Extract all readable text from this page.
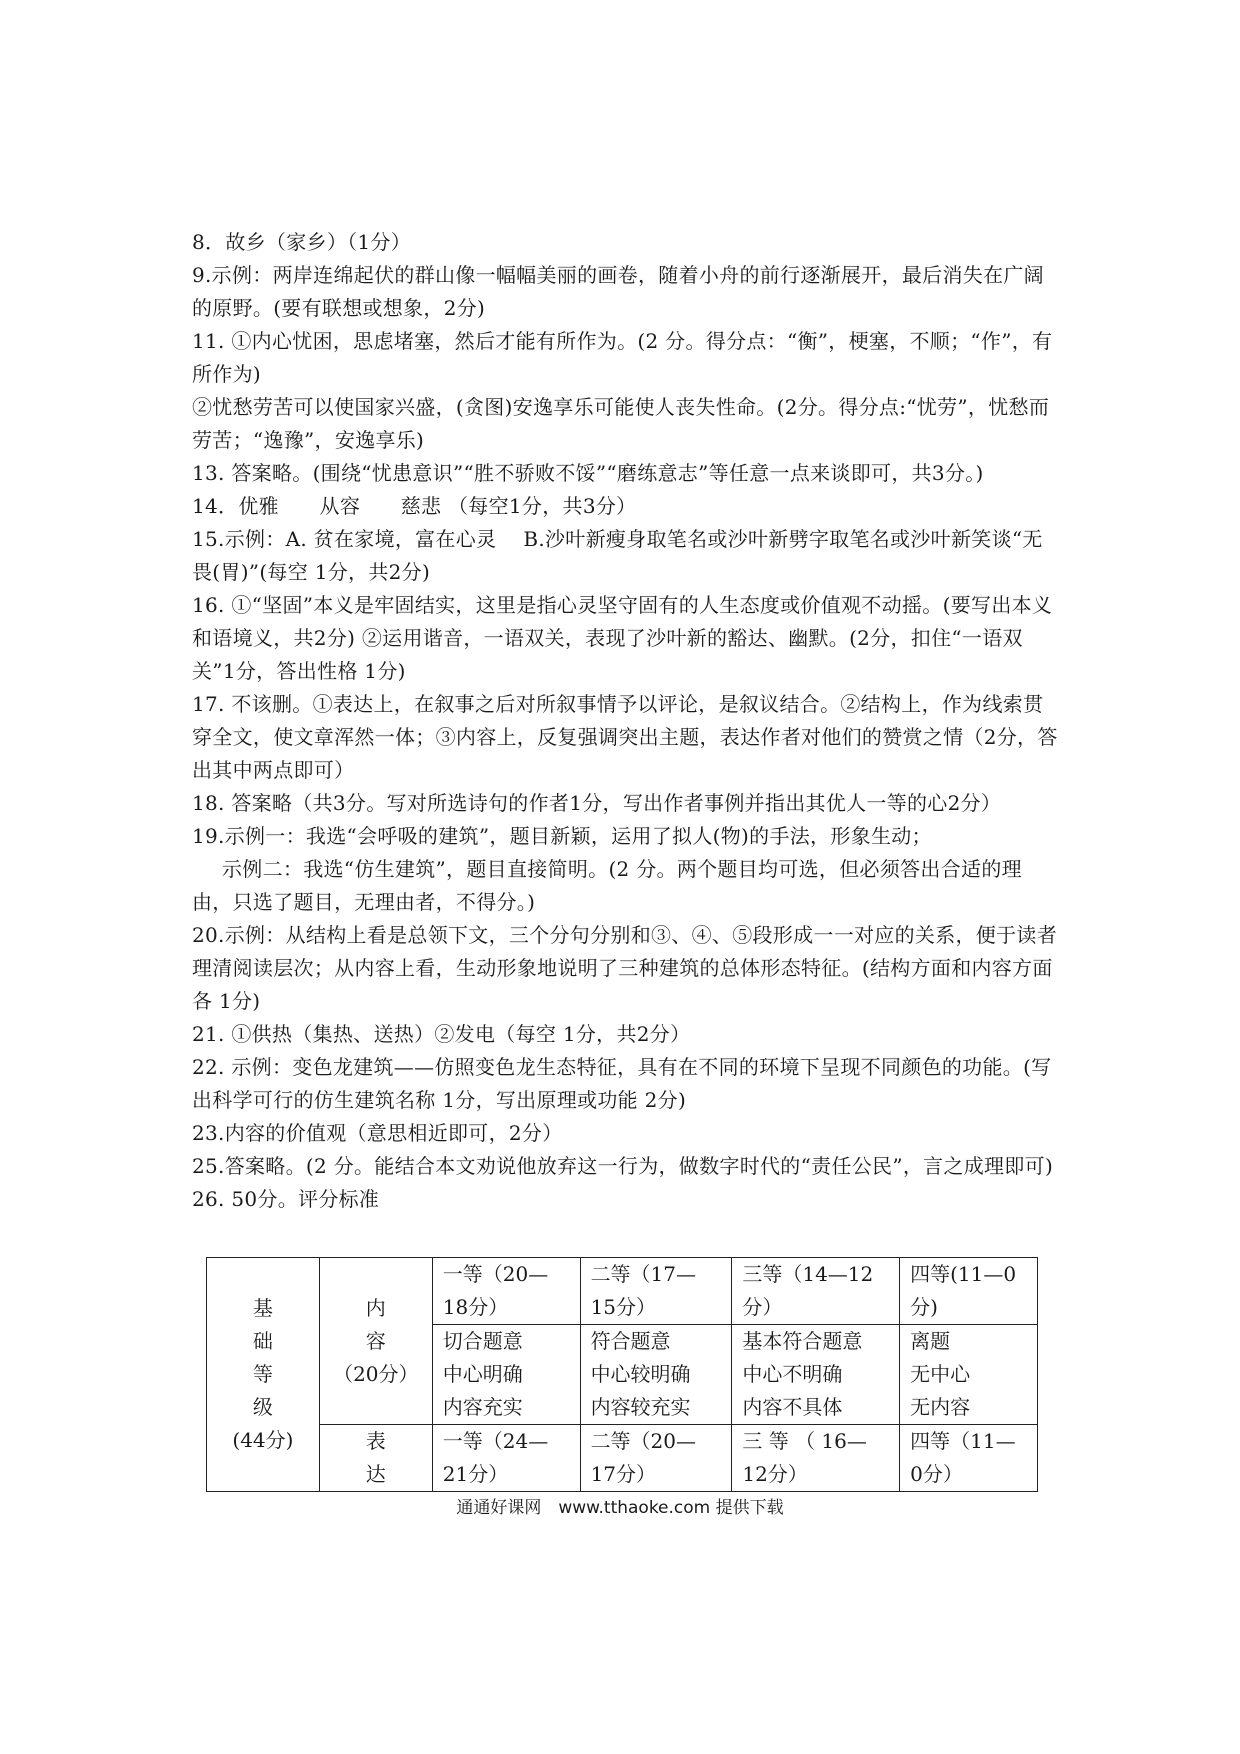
8．故乡（家乡）（1分）

9.示例：两岸连绵起伏的群山像一幅幅美丽的画卷，随着小舟的前行逐渐展开，最后消失在广阔的原野。(要有联想或想象，2分)

11. ①内心忧困，思虑堵塞，然后才能有所作为。(2 分。得分点：“衡”，梗塞，不顺；“作”，有所作为)

②忧愁劳苦可以使国家兴盛，(贪图)安逸享乐可能使人丧失性命。(2分。得分点:“忧劳”，忧愁而劳苦；“逸豫”，安逸享乐)

13. 答案略。(围绕“忧患意识”“胜不骄败不馁”“磨练意志”等任意一点来谈即可，共3分。)

14．优雅　　从容　　慈悲 （每空1分，共3分）

15.示例：A. 贫在家境，富在心灵　 B.沙叶新瘦身取笔名或沙叶新劈字取笔名或沙叶新笑谈“无畏(胃)”(每空 1分，共2分)

16. ①“坚固”本义是牢固结实，这里是指心灵坚守固有的人生态度或价值观不动摇。(要写出本义和语境义，共2分) ②运用谐音，一语双关，表现了沙叶新的豁达、幽默。(2分，扣住“一语双关”1分，答出性格 1分)

17. 不该删。①表达上，在叙事之后对所叙事情予以评论，是叙议结合。②结构上，作为线索贯穿全文，使文章浑然一体；③内容上，反复强调突出主题，表达作者对他们的赞赏之情（2分，答出其中两点即可）

18. 答案略（共3分。写对所选诗句的作者1分，写出作者事例并指出其优人一等的心2分）

19.示例一：我选“会呼吸的建筑”，题目新颖，运用了拟人(物)的手法，形象生动；

示例二：我选“仿生建筑”，题目直接简明。(2 分。两个题目均可选，但必须答出合适的理由，只选了题目，无理由者，不得分。)

20.示例：从结构上看是总领下文，三个分句分别和③、④、⑤段形成一一对应的关系，便于读者理清阅读层次；从内容上看，生动形象地说明了三种建筑的总体形态特征。(结构方面和内容方面各 1分)

21. ①供热（集热、送热）②发电（每空 1分，共2分）

22. 示例：变色龙建筑——仿照变色龙生态特征，具有在不同的环境下呈现不同颜色的功能。(写出科学可行的仿生建筑名称 1分，写出原理或功能 2分)

23.内容的价值观（意思相近即可，2分）

25.答案略。(2 分。能结合本文劝说他放弃这一行为，做数字时代的“责任公民”，言之成理即可)

26. 50分。评分标准

基
础
等
级
(44分)	内
容
（20分）	一等（20—18分）	二等（17—15分）	三等（14—12分）	四等(11—0分)

		切合题意
中心明确
内容充实	符合题意
中心较明确
内容较充实	基本符合题意
中心不明确
内容不具体	离题
无中心
无内容

	表
达	一等（24—21分）	二等（20—17分）	三 等 （ 16—12分）	四等（11—0分）
通通好课网　www.tthaoke.com 提供下载
